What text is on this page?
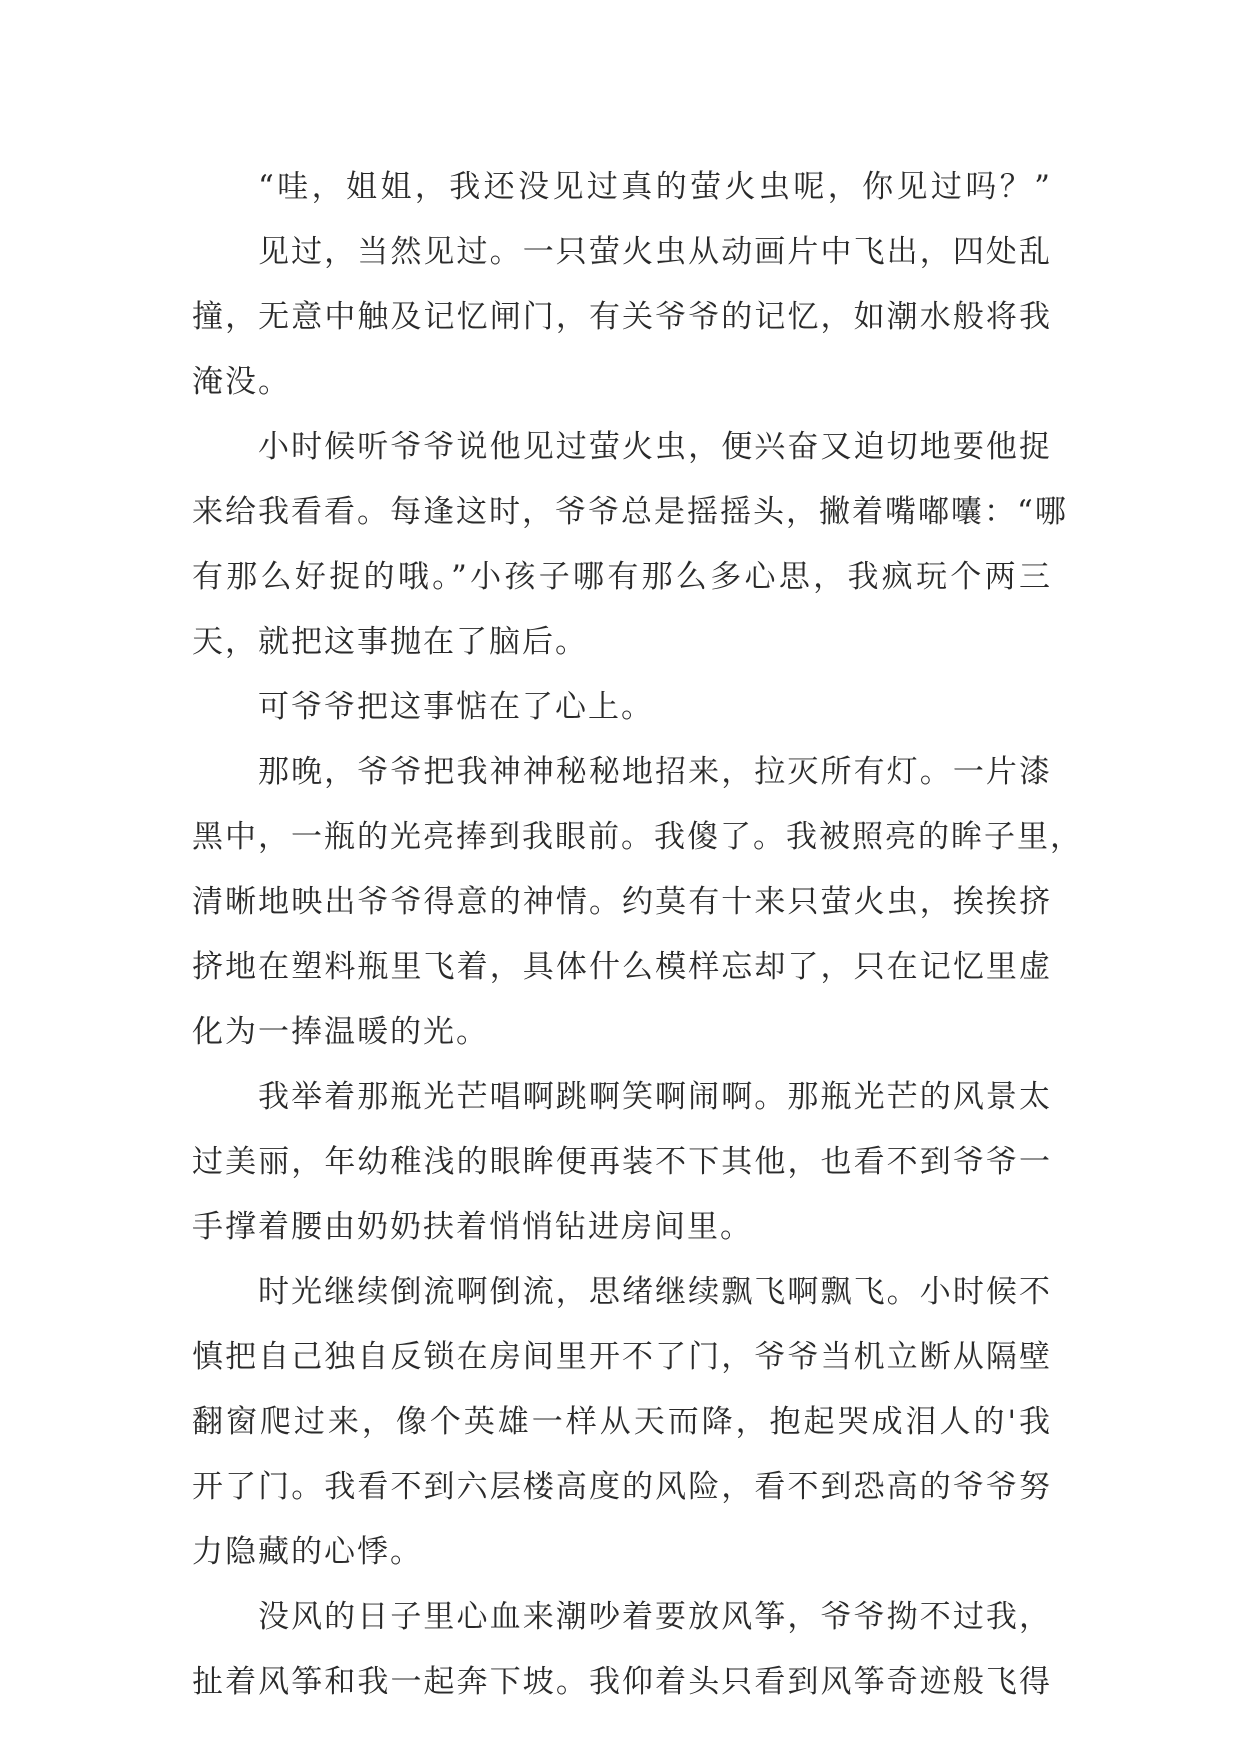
“哇，姐姐，我还没见过真的萤火虫呢，你见过吗？”
见过，当然见过。一只萤火虫从动画片中飞出，四处乱
撞，无意中触及记忆闸门，有关爷爷的记忆，如潮水般将我
淹没。
小时候听爷爷说他见过萤火虫，便兴奋又迫切地要他捉
来给我看看。每逢这时，爷爷总是摇摇头，撇着嘴嘟囔：“哪
有那么好捉的哦。”小孩子哪有那么多心思，我疯玩个两三
天，就把这事抛在了脑后。
可爷爷把这事惦在了心上。
那晚，爷爷把我神神秘秘地招来，拉灭所有灯。一片漆
黑中，一瓶的光亮捧到我眼前。我傻了。我被照亮的眸子里，
清晰地映出爷爷得意的神情。约莫有十来只萤火虫，挨挨挤
挤地在塑料瓶里飞着，具体什么模样忘却了，只在记忆里虚
化为一捧温暖的光。
我举着那瓶光芒唱啊跳啊笑啊闹啊。那瓶光芒的风景太
过美丽，年幼稚浅的眼眸便再装不下其他，也看不到爷爷一
手撑着腰由奶奶扶着悄悄钻进房间里。
时光继续倒流啊倒流，思绪继续飘飞啊飘飞。小时候不
慎把自己独自反锁在房间里开不了门，爷爷当机立断从隔壁
翻窗爬过来，像个英雄一样从天而降，抱起哭成泪人的'我
开了门。我看不到六层楼高度的风险，看不到恐高的爷爷努
力隐藏的心悸。
没风的日子里心血来潮吵着要放风筝，爷爷拗不过我，
扯着风筝和我一起奔下坡。我仰着头只看到风筝奇迹般飞得
